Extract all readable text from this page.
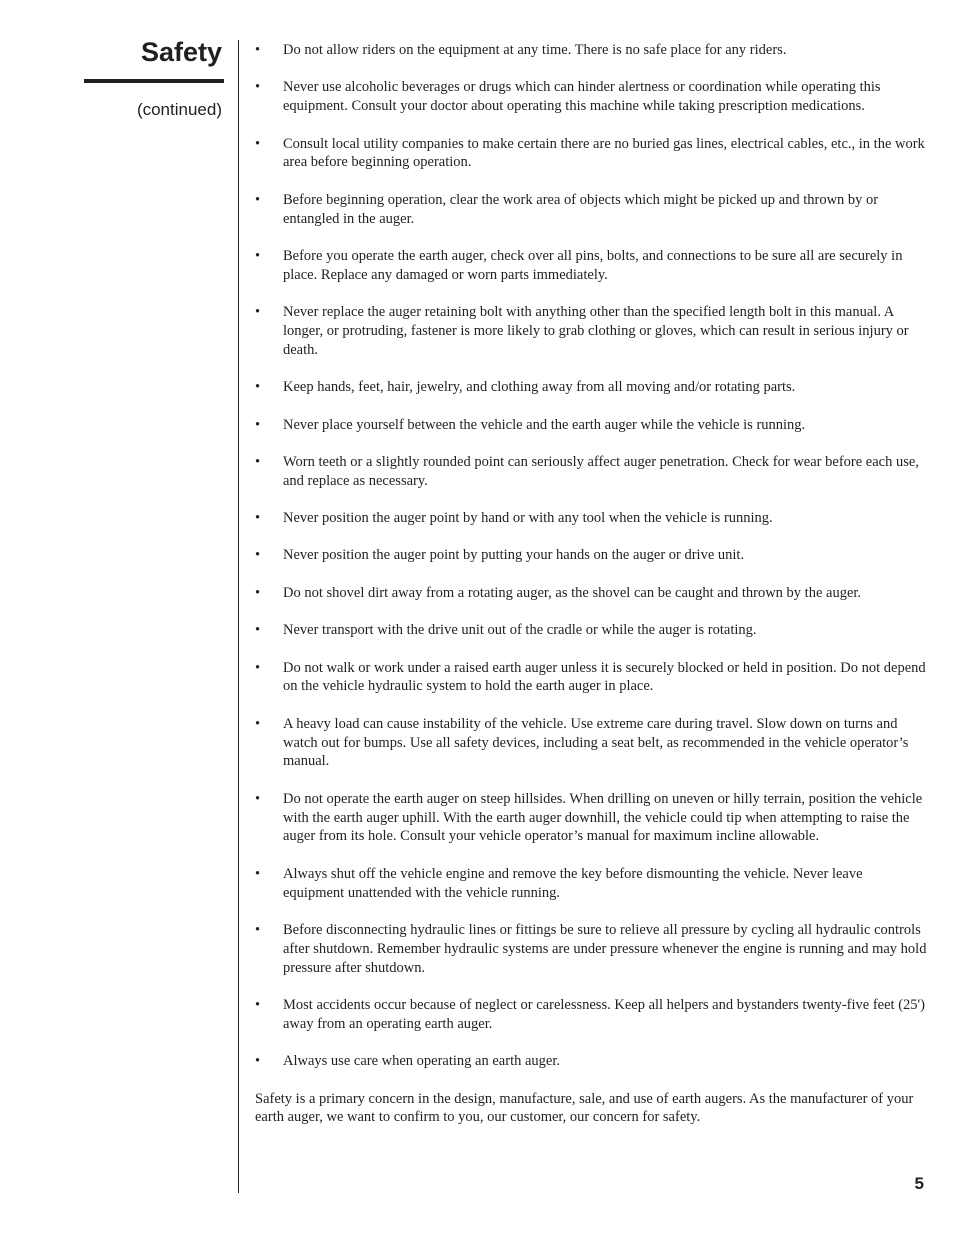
Safety
(continued)
• Do not allow riders on the equipment at any time. There is no safe place for any riders.
• Never use alcoholic beverages or drugs which can hinder alertness or coordination while operating this equipment. Consult your doctor about operating this machine while taking prescription medications.
• Consult local utility companies to make certain there are no buried gas lines, electrical cables, etc., in the work area before beginning operation.
• Before beginning operation, clear the work area of objects which might be picked up and thrown by or entangled in the auger.
• Before you operate the earth auger, check over all pins, bolts, and connections to be sure all are securely in place. Replace any damaged or worn parts immediately.
• Never replace the auger retaining bolt with anything other than the specified length bolt in this manual. A longer, or protruding, fastener is more likely to grab clothing or gloves, which can result in serious injury or death.
• Keep hands, feet, hair, jewelry, and clothing away from all moving and/or rotating parts.
• Never place yourself between the vehicle and the earth auger while the vehicle is running.
• Worn teeth or a slightly rounded point can seriously affect auger penetration. Check for wear before each use, and replace as necessary.
• Never position the auger point by hand or with any tool when the vehicle is running.
• Never position the auger point by putting your hands on the auger or drive unit.
• Do not shovel dirt away from a rotating auger, as the shovel can be caught and thrown by the auger.
• Never transport with the drive unit out of the cradle or while the auger is rotating.
• Do not walk or work under a raised earth auger unless it is securely blocked or held in position. Do not depend on the vehicle hydraulic system to hold the earth auger in place.
• A heavy load can cause instability of the vehicle. Use extreme care during travel. Slow down on turns and watch out for bumps. Use all safety devices, including a seat belt, as recommended in the vehicle operator’s manual.
• Do not operate the earth auger on steep hillsides. When drilling on uneven or hilly terrain, position the vehicle with the earth auger uphill. With the earth auger downhill, the vehicle could tip when attempting to raise the auger from its hole. Consult your vehicle operator’s manual for maximum incline allowable.
• Always shut off the vehicle engine and remove the key before dismounting the vehicle. Never leave equipment unattended with the vehicle running.
• Before disconnecting hydraulic lines or fittings be sure to relieve all pressure by cycling all hydraulic controls after shutdown. Remember hydraulic systems are under pressure whenever the engine is running and may hold pressure after shutdown.
• Most accidents occur because of neglect or carelessness. Keep all helpers and bystanders twenty-five feet (25') away from an operating earth auger.
• Always use care when operating an earth auger.

Safety is a primary concern in the design, manufacture, sale, and use of earth augers. As the manufacturer of your earth auger, we want to confirm to you, our customer, our concern for safety.

5
